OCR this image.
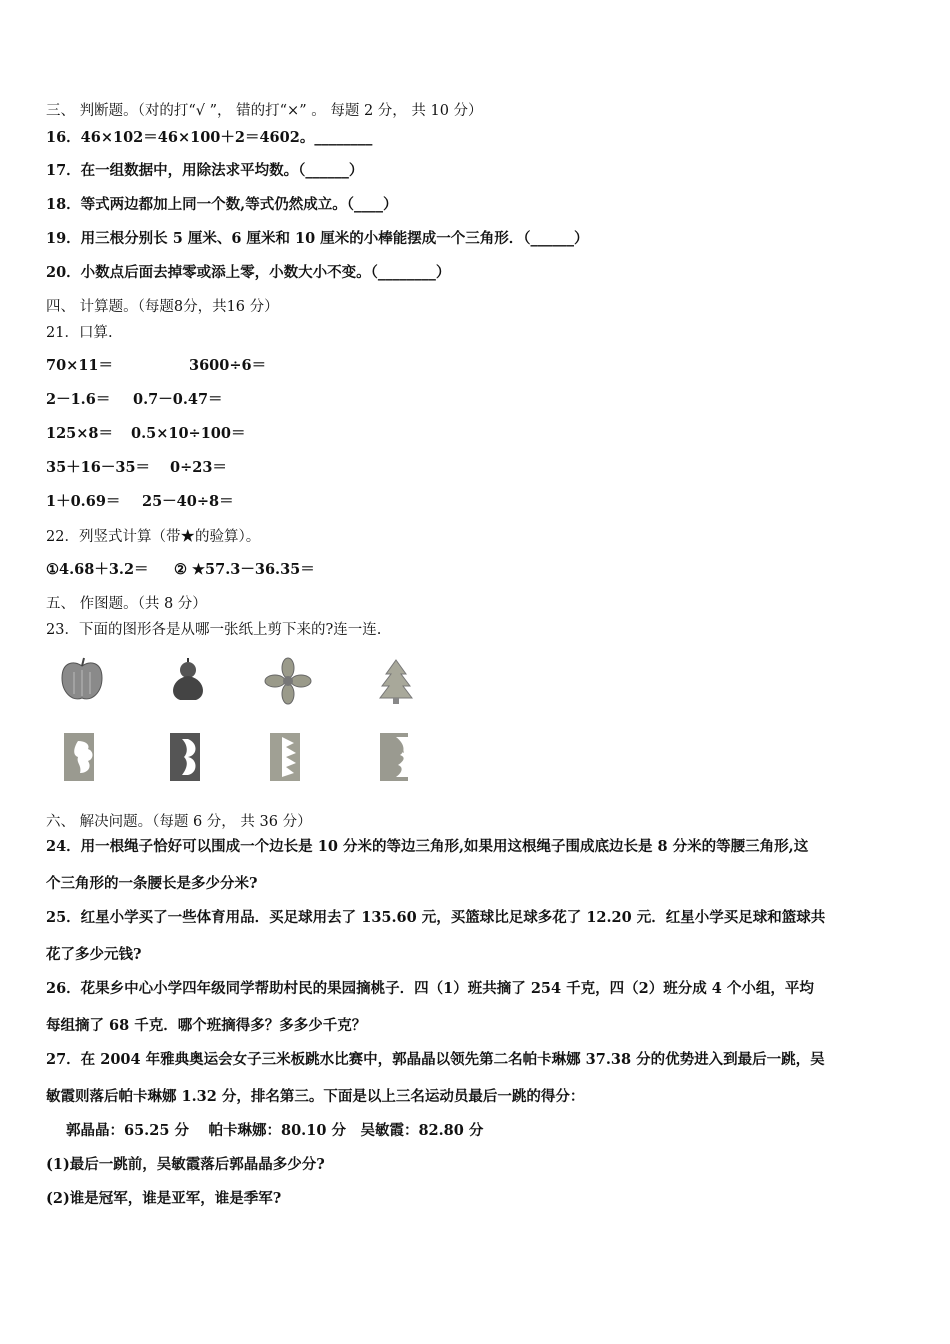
三、 判断题。（对的打“√ ”， 错的打“×” 。 每题 2 分， 共 10 分）
16．46×102＝46×100＋2＝4602。________
17．在一组数据中，用除法求平均数。（______）
18．等式两边都加上同一个数,等式仍然成立。（____）
19．用三根分别长 5 厘米、6 厘米和 10 厘米的小棒能摆成一个三角形．（______）
20．小数点后面去掉零或添上零，小数大小不变。（________）
四、 计算题。（每题8分，共16 分）
21．口算.
70×11＝	3600÷6＝
2－1.6＝ 0.7－0.47＝
125×8＝ 0.5×10÷100＝
35＋16－35＝ 0÷23＝
1＋0.69＝ 25－40÷8＝
22．列竖式计算（带★的验算）。
①4.68＋3.2＝ ② ★57.3－36.35＝
五、 作图题。（共 8 分）
23．下面的图形各是从哪一张纸上剪下来的?连一连.
六、 解决问题。（每题 6 分， 共 36 分）
24．用一根绳子恰好可以围成一个边长是 10 分米的等边三角形,如果用这根绳子围成底边长是 8 分米的等腰三角形,这
个三角形的一条腰长是多少分米?
25．红星小学买了一些体育用品．买足球用去了 135.60 元，买篮球比足球多花了 12.20 元．红星小学买足球和篮球共
花了多少元钱?
26．花果乡中心小学四年级同学帮助村民的果园摘桃子．四（1）班共摘了 254 千克，四（2）班分成 4 个小组，平均
每组摘了 68 千克．哪个班摘得多？多多少千克？
27．在 2004 年雅典奥运会女子三米板跳水比赛中，郭晶晶以领先第二名帕卡琳娜 37.38 分的优势进入到最后一跳，吴
敏霞则落后帕卡琳娜 1.32 分，排名第三。下面是以上三名运动员最后一跳的得分：
郭晶晶：65.25 分　 帕卡琳娜：80.10 分　吴敏霞：82.80 分
(1)最后一跳前，吴敏霞落后郭晶晶多少分?
(2)谁是冠军，谁是亚军，谁是季军?
